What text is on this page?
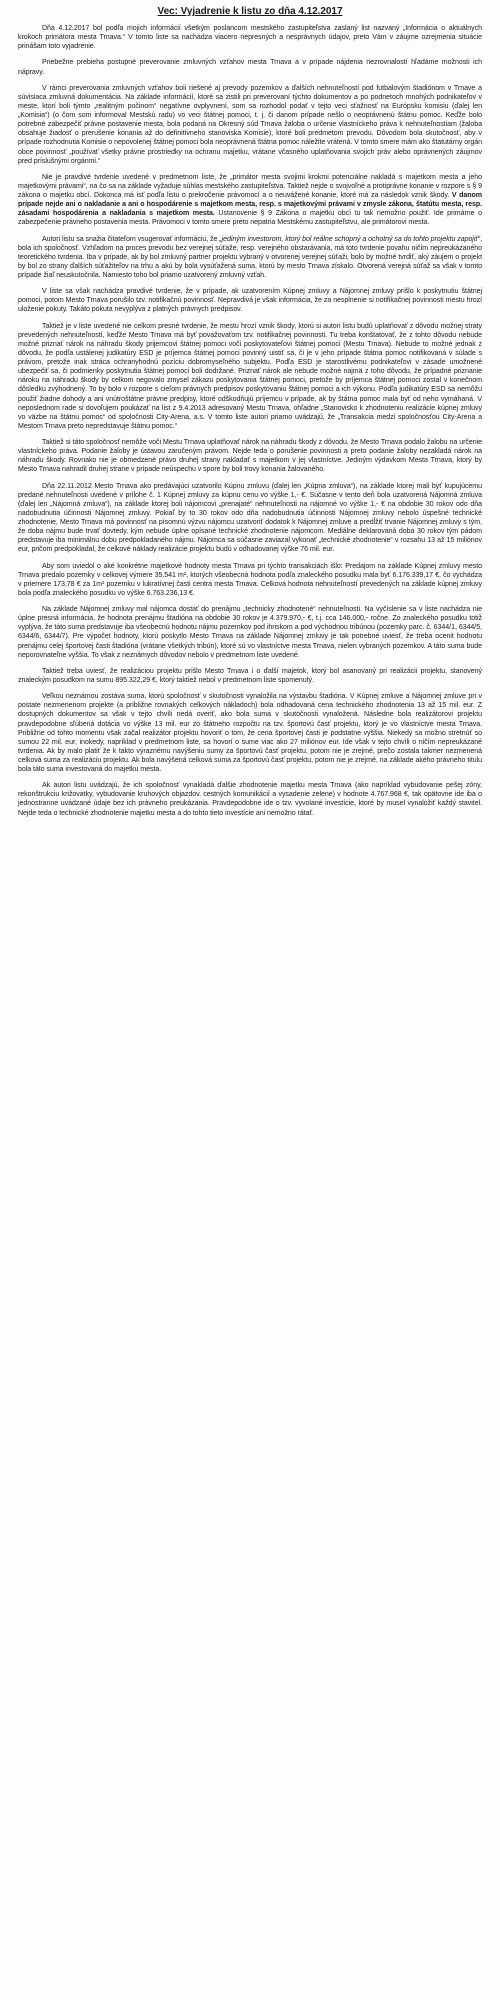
Vec: Vyjadrenie k listu zo dňa 4.12.2017
Dňa 4.12.2017 bol podľa mojich informácií všetkým poslancom mestského zastupiteľstva zaslaný list nazvaný „Informácia o aktuálnych krokoch primátora mesta Trnava.“ V tomto liste sa nachádza viacero nepresných a nesprávnych údajov, preto Vám v záujme ozrejmenia situácie prinášam toto vyjadrenie.
Priebežne prebieha postupné preverovanie zmluvných vzťahov mesta Trnava a v prípade nájdenia nezrovnalostí hľadáme možnosti ich nápravy.
V rámci preverovania zmluvných vzťahov boli riešené aj prevody pozemkov a ďalších nehnuteľností pod futbalovým štadiónom v Trnave a súvisiaca zmluvná dokumentácia. Na základe informácií, ktoré sa zistili pri preverovaní týchto dokumentov a po podnetoch mnohých podnikateľov v meste, ktorí boli týmto „realitným počinom“ negatívne ovplyvnení, som sa rozhodol podať v tejto veci sťažnosť na Európsku komisiu (ďalej len „Komisia“) (o čom som informoval Mestskú radu) vo veci štátnej pomoci, t. j. či danom prípade nešlo o neoprávnenú štátnu pomoc. Keďže bolo potrebné zabezpečiť právne postavenie mesta, bola podaná na Okresný súd Trnava žaloba o určenie vlastníckeho práva k nehnuteľnostiam (žaloba obsahuje žiadosť o prerušenie konania až do definitívneho stanoviska Komisie), ktoré boli predmetom prevodu. Dôvodom bola skutočnosť, aby v prípade rozhodnutia Komisie o nepovolenej štátnej pomoci bola neoprávnená štátna pomoc náležite vrátená. V tomto smere mám ako štatutárny orgán obce povinnosť „používať všetky právne prostriedky na ochranu majetku, vrátane včasného uplatňovania svojich práv alebo oprávnených záujmov pred príslušnými orgánmi.“
Nie je pravdivé tvrdenie uvedené v predmetnom liste, že „primátor mesta svojimi krokmi potenciálne nakladá s majetkom mesta a jeho majetkovými právami“, na čo sa na základe vyžaduje súhlas mestského zastupiteľstva. Taktiež nejde o svojvoľné a protiprávne konanie v rozpore s § 9 zákona o majetku obcí. Dokonca má ísť podľa listu o prekročenie právomocí a o neuvážené konanie, ktoré má za následok vznik škody. V danom prípade nejde ani o nakladanie a ani o hospodárenie s majetkom mesta, resp. s majetkovými právami v zmysle zákona, štatútu mesta, resp. zásadami hospodárenia a nakladania s majetkom mesta. Ustanovenie § 9 Zákona o majetku obcí tu tak nemožno použiť. Ide primárne o zabezpečenie právneho postavenia mesta. Právomoci v tomto smere preto nepatria Mestskému zastupiteľstvu, ale primátorovi mesta.
Autori listu sa snažia čitateľom vsugerovať informáciu, že „jediným investorom, ktorý bol reálne schopný a ochotný sa do tohto projektu zapojiť“, bola ich spoločnosť. Vzhľadom na proces prevodu bez verejnej súťaže, resp. verejného obstarávania, má toto tvrdenie povahu ničím nepreukázaného teoretického tvrdenia. Iba v prípade, ak by bol zmluvný partner projektu vybraný v otvorenej verejnej súťaži, bolo by možné tvrdiť, aký záujem o projekt by bol zo strany ďalších súťažiteľov na trhu a akú by bola vysúťažená suma, ktorú by mesto Trnava získalo. Otvorená verejná súťaž sa však v tomto prípade žiaľ neuskutočnila. Namiesto toho bol priamo uzatvorený zmluvný vzťah.
V liste sa však nachádza pravdivé tvrdenie, že v prípade, ak uzatvorením Kúpnej zmluvy a Nájomnej zmluvy prišlo k poskytnutiu štátnej pomoci, potom Mesto Trnava porušilo tzv. notifikačnú povinnosť. Nepravdivá je však informácia, že za nesplnenie si notifikačnej povinnosti mestu hrozí uloženie pokuty. Takáto pokuta nevyplýva z platných právnych predpisov.
Taktiež je v liste uvedené nie celkom presné tvrdenie, že mestu hrozí vznik škody, ktorú si autori listu budú uplatňovať z dôvodu možnej straty prevedených nehnuteľností, keďže Mesto Trnava má byť považovaťom tzv. notifikačnej povinnosti. Tu treba konštatovať, že z tohto dôvodu nebude možné priznať nárok na náhradu škody prijemcovi štátnej pomoci voči poskytovateľovi štátnej pomoci (Mestu Trnava). Nebude to možné jednak z dôvodu, že podľa ustálenej judikatúry ESD je príjemca štátnej pomoci povinný uistiť sa, či je v jeho prípade štátna pomoc notifikovaná v súlade s právom, pretože inak stráca ochranyhodnú pozíciu dobromyseľného subjektu. Podľa ESD je starostlivému podnikateľovi v zásade umožnené ubezpečiť sa, či podmienky poskytnutia štátnej pomoci boli dodržané. Priznať nárok ale nebude možné najmä z toho dôvodu, že prípadné priznanie nároku na náhradu škody by celkom negovalo zmysel zákazu poskytovania štátnej pomoci, pretože by príjemca štátnej pomoci zostal v konečnom dôsledku zvýhodnený. To by bolo v rozpore s cieľom právnych predpisov poskytovaniu štátnej pomoci a ich výkonu. Podľa judikatúry ESD sa nemôžu použiť žiadne dohody a ani vnútroštátne právne predpisy, ktoré odškodňujú príjemcu v prípade, ak by štátna pomoc mala byť od neho vymáhaná. V neposlednom rade si dovoľujem poukázať na list z 9.4.2013 adresovaný Mestu Trnava, ohľadne „Stanovisko k zhodnoteniu realizácie kúpnej zmluvy vo väzbe na štátnu pomoc“ od spoločnosti City-Arena, a.s. V tomto liste autori priamo uvádzajú, že „Transakcia medzi spoločnosťou City-Arena a Mestom Trnava preto nepredstavuje štátnu pomoc.“
Taktiež si táto spoločnosť nemôže voči Mestu Trnava uplatňovať nárok na náhradu škody z dôvodu, že Mesto Trnava podalo žalobu na určenie vlastníckeho práva. Podanie žaloby je ústavou zaručeným právom. Nejde teda o porušenie povinnosti a preto podanie žaloby nezakladá nárok na náhradu škody. Rovnako nie je obmedzené právo druhej strany nakladať s majetkom v jej vlastníctve. Jediným výdavkom Mesta Trnava, ktorý by Mesto Trnava nahradil druhej strane v prípade neúspechu v spore by boli trovy konania žalovaného.
Dňa 22.11.2012 Mesto Trnava ako predávajúci uzatvorilo Kúpnu zmluvu (ďalej len „Kúpna zmluva“), na základe ktorej mali byť kupujúcemu predané nehnuteľnosti uvedené v prílohe č. 1 Kúpnej zmluvy za kúpnu cenu vo výške 1,- €. Súčasne v tento deň bola uzatvorená Nájomná zmluva (ďalej len „Nájomná zmluva“), na základe ktorej boli nájomcovi „prenajaté“ nehnuteľnosti na nájomné vo výške 1,- € na obdobie 30 rokov odo dňa nadobudnutia účinnosti Nájomnej zmluvy. Pokiaľ by to 30 rokov odo dňa nadobudnutia účinnosti Nájomnej zmluvy nebolo úspešné technické zhodnotenie, Mesto Trnava má povinnosť na písomnú výzvu nájomcu uzatvoriť dodatok k Nájomnej zmluve a predĺžiť trvanie Nájomnej zmluvy s tým, že doba nájmu bude trvať dovtedy, kým nebude úplne opísané technické zhodnotenie nájomcom. Mediálne deklarovaná doba 30 rokov tým pádom predstavuje iba minimálnu dobu predpokladaného nájmu. Nájomca sa súčasne zaviazal vykonať „technické zhodnotenie“ v rozsahu 13 až 15 miliónov eur, pričom predpokladal, že celkové náklady realizácie projektu budú v odhadovanej výške 76 mil. eur.
Aby som uviedol o aké konkrétne majetkové hodnoty mesta Trnava pri týchto transakciách išlo: Predajom na základe Kúpnej zmluvy mesto Trnava predalo pozemky v celkovej výmere 35.541 m², ktorých všeobecná hodnota podľa znaleckého posudku mala byť 6.176.339,17 €, čo vychádza v priemere 173,78 € za 1m² pozemku v lukratívnej časti centra mesta Trnava. Celková hodnota nehnuteľností prevedených na základe kúpnej zmluvy bola podľa znaleckého posudku vo výške 6.763.236,13 €.
Na základe Nájomnej zmluvy mal nájomca dostať do prenájmu „technicky zhodnotené“ nehnuteľnosti. Na vyčíslenie sa v liste nachádza nie úplne presná informácia, že hodnota prenájmu štadióna na obdobie 30 rokov je 4.379.970,- €, t.j. cca 146.000,- ročne. Zo znaleckého posudku totiž vyplýva, že táto suma predstavuje iba všeobecnú hodnotu nájmu pozemkov pod ihriskom a pod východnou tribúnou (pozemky parc. č. 6344/1, 6344/5, 6344/6, 6344/7). Pre výpočet hodnoty, ktorú poskytlo Mesto Trnava na základe Nájomnej zmluvy je tak potrebné uviesť, že treba ocenit hodnotu prenájmu celej športovej časti štadióna (vrátane všetkých tribún), ktoré sú vo vlastníctve mesta Trnava, nielen vybraných pozemkov. A táto suma bude neporovnateľne vyššia. To však z neznámych dôvodov nebolo v predmetnom liste uvedené.
Taktiež treba uviesť, že realizáciou projektu prišlo Mesto Trnava i o ďalší majetok, ktorý bol asanovaný pri realizácii projektu, stanovený znaleckým posudkom na sumu 895.322,29 €, ktorý taktiež nebol v predmetnom liste spomenutý.
Veľkou neznámou zostáva suma, ktorú spoločnosť v skutočnosti vynaložila na výstavbu štadióna. V Kúpnej zmluve a Nájomnej zmluve pri v postate nezmenenom projekte (a približne rovnakých celkových nákladoch) bola odhadovaná cena technického zhodnotenia 13 až 15 mil. eur. Z dostupných dokumentov sa však v tejto chvíli nedá overiť, ako bola suma v skutočnosti vynaložená. Následne bola realizátorovi projektu pravdepodobne sľúbená dotácia vo výške 13 mil. eur zo štátneho rozpočtu na tzv. športovú časť projektu, ktorý je vo vlastníctve mesta Trnava. Približne od tohto momentu však začal realizátor projektu hovoriť o tom, že cena športovej časti je podstatne vyššia. Niekedy sa možno stretnúť so sumou 22 mil. eur, inokedy, napríklad v predmetnom liste, sa hovorí o sume viac ako 27 miliónov eur. Ide však v tejto chvíli o ničím nepreukázané tvrdenia. Ak by malo platiť že k takto výraznému navýšeniu sumy za športovú časť projektu, potom nie je zrejmé, prečo zostala takmer nezmenená celková suma za realizáciu projektu. Ak bola navýšená celková suma za športovú časť projektu, potom nie je zrejmé, na základe akého právneho titulu bola táto suma investovaná do majetku mesta.
Ak autori listu uvádzajú, že ich spoločnosť vynakladá ďalšie zhodnotenie majetku mesta Trnava (ako napríklad vybudovanie pešej zóny, rekonštrukciu križovatky, vybudovanie kruhových objazdov, cestných komunikácií a vysadenie zelene) v hodnote 4.767.968 €, tak opätovne ide iba o jednostranne uvádzané údaje bez ich právneho preukázania. Pravdepodobne ide o tzv. vyvolané investície, ktoré by musel vynaložiť každý stavitel. Nejde teda o technické zhodnotenie majetku mesta a do tohto tieto investície ani nemožno rátať.
